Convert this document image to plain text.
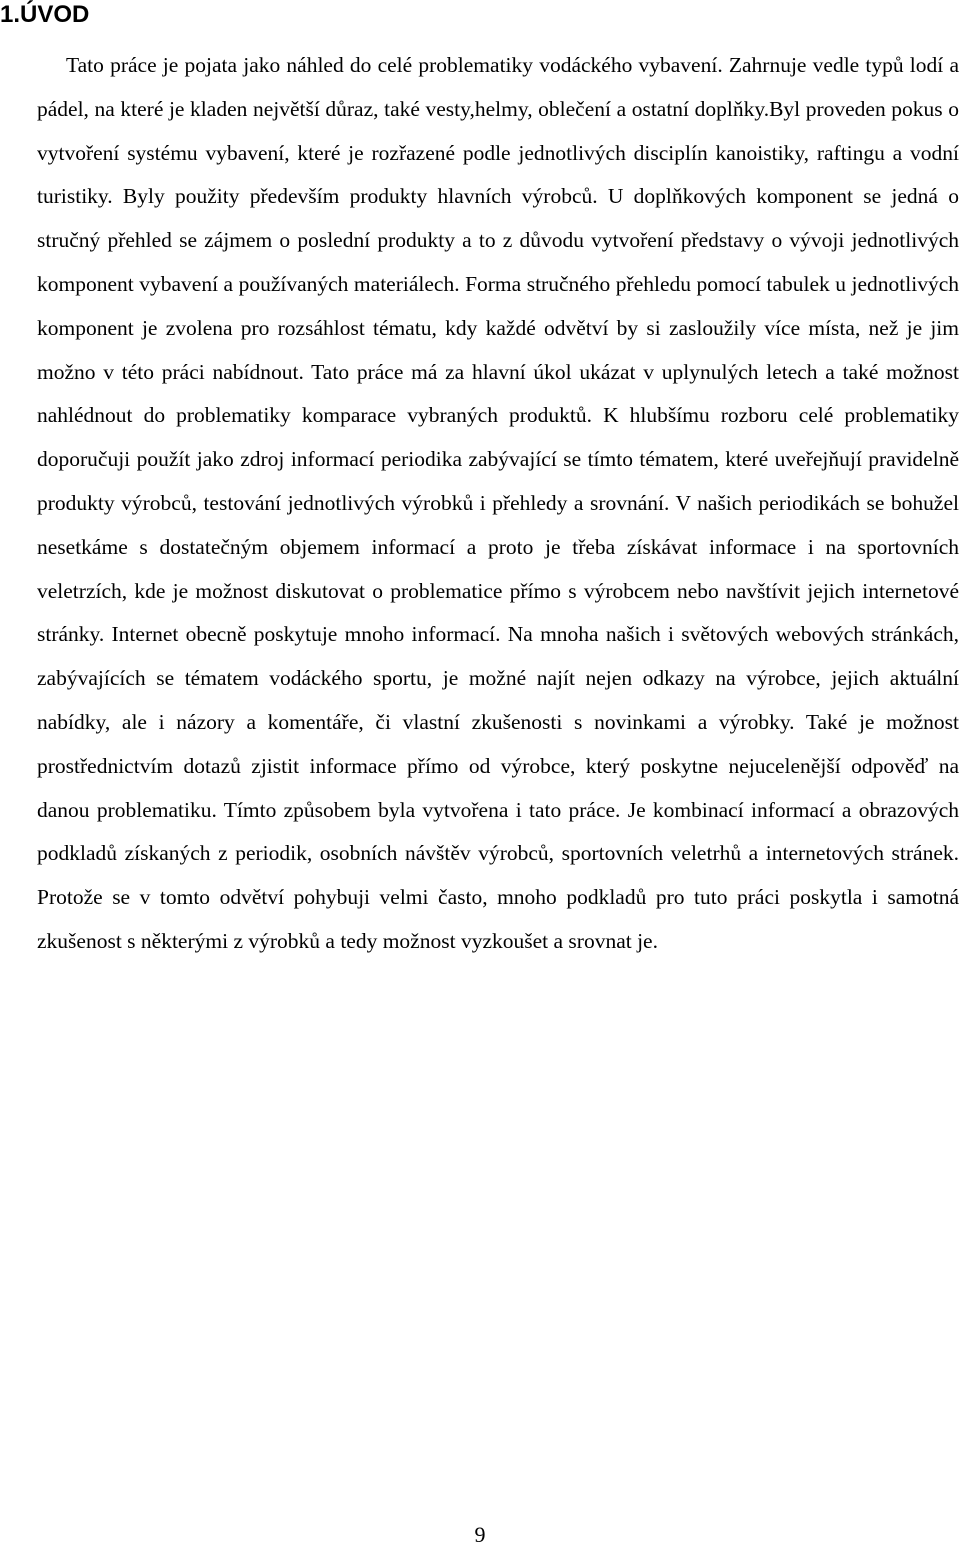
1.ÚVOD

Tato práce je pojata jako náhled do celé problematiky vodáckého vybavení. Zahrnuje vedle typů lodí a pádel, na které je kladen největší důraz, také vesty,helmy, oblečení a ostatní doplňky.Byl proveden pokus o vytvoření systému vybavení, které je rozřazené podle jednotlivých disciplín kanoistiky, raftingu a vodní turistiky. Byly použity především produkty hlavních výrobců. U doplňkových komponent se jedná o stručný přehled se zájmem o poslední produkty a to z důvodu vytvoření představy o vývoji jednotlivých komponent vybavení a používaných materiálech. Forma stručného přehledu pomocí tabulek u jednotlivých komponent je zvolena pro rozsáhlost tématu, kdy každé odvětví by si zasloužily více místa, než je jim možno v této práci nabídnout. Tato práce má za hlavní úkol ukázat v uplynulých letech a také možnost nahlédnout do problematiky komparace vybraných produktů. K hlubšímu rozboru celé problematiky doporučuji použít jako zdroj informací periodika zabývající se tímto tématem, které uveřejňují pravidelně produkty výrobců, testování jednotlivých výrobků i přehledy a srovnání. V našich periodikách se bohužel nesetkáme s dostatečným objemem informací a proto je třeba získávat informace i na sportovních veletrzích, kde je možnost diskutovat o problematice přímo s výrobcem nebo navštívit jejich internetové stránky. Internet obecně poskytuje mnoho informací. Na mnoha našich i světových webových stránkách, zabývajících se tématem vodáckého sportu, je možné najít nejen odkazy na výrobce, jejich aktuální nabídky, ale i názory a komentáře, či vlastní zkušenosti s novinkami a výrobky. Také je možnost prostřednictvím dotazů zjistit informace přímo od výrobce, který poskytne nejucelenější odpověď na danou problematiku. Tímto způsobem byla vytvořena i tato práce. Je kombinací informací a obrazových podkladů získaných z periodik, osobních návštěv výrobců, sportovních veletrhů a internetových stránek. Protože se v tomto odvětví pohybuji velmi často, mnoho podkladů pro tuto práci poskytla i samotná zkušenost s některými z výrobků a tedy možnost vyzkoušet a srovnat je.

9
